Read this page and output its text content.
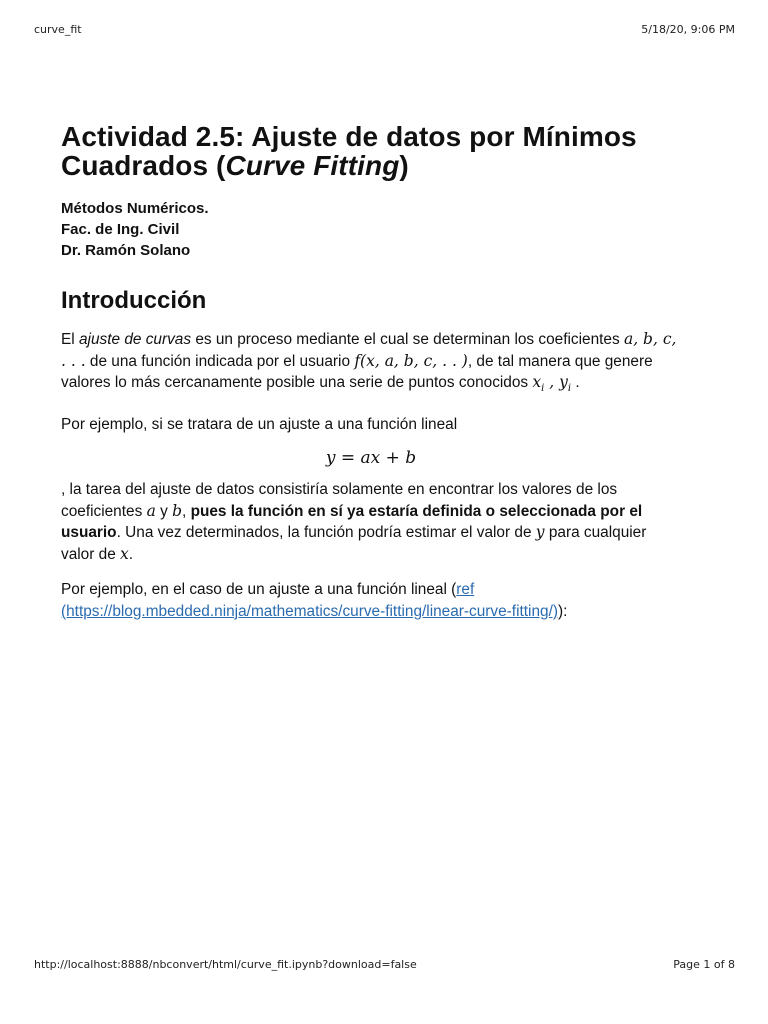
curve_fit	5/18/20, 9:06 PM
Actividad 2.5: Ajuste de datos por Mínimos Cuadrados (Curve Fitting)
Métodos Numéricos.
Fac. de Ing. Civil
Dr. Ramón Solano
Introducción

El ajuste de curvas es un proceso mediante el cual se determinan los coeficientes a, b, c, . . . de una función indicada por el usuario f(x, a, b, c, . . ), de tal manera que genere valores lo más cercanamente posible una serie de puntos conocidos $x_i$ , $y_i$ .

Por ejemplo, si se tratara de un ajuste a una función lineal

y = ax + b

, la tarea del ajuste de datos consistiría solamente en encontrar los valores de los coeficientes a y b, pues la función en sí ya estaría definida o seleccionada por el usuario. Una vez determinados, la función podría estimar el valor de y para cualquier valor de x.

Por ejemplo, en el caso de un ajuste a una función lineal (ref (https://blog.mbedded.ninja/mathematics/curve-fitting/linear-curve-fitting/)):

http://localhost:8888/nbconvert/html/curve_fit.ipynb?download=false	Page 1 of 8
